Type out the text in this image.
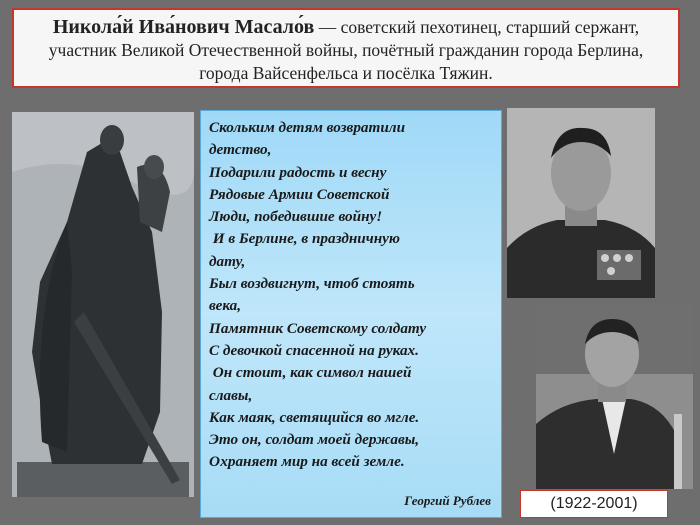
Никола́й Ива́нович Масало́в — советский пехотинец, старший сержант, участник Великой Отечественной войны, почётный гражданин города Берлина, города Вайсенфельса и посёлка Тяжин.
Скольким детям возвратили
детство,
Подарили радость и весну
Рядовые Армии Советской
Люди, победившие войну!
И в Берлине, в праздничную
дату,
Был воздвигнут, чтоб стоять
века,
Памятник Советскому солдату
С девочкой спасенной на руках.
Он стоит, как символ нашей
славы,
Как маяк, светящийся во мгле.
Это он, солдат моей державы,
Охраняет мир на всей земле.
Георгий Рублев	(1922-2001)
